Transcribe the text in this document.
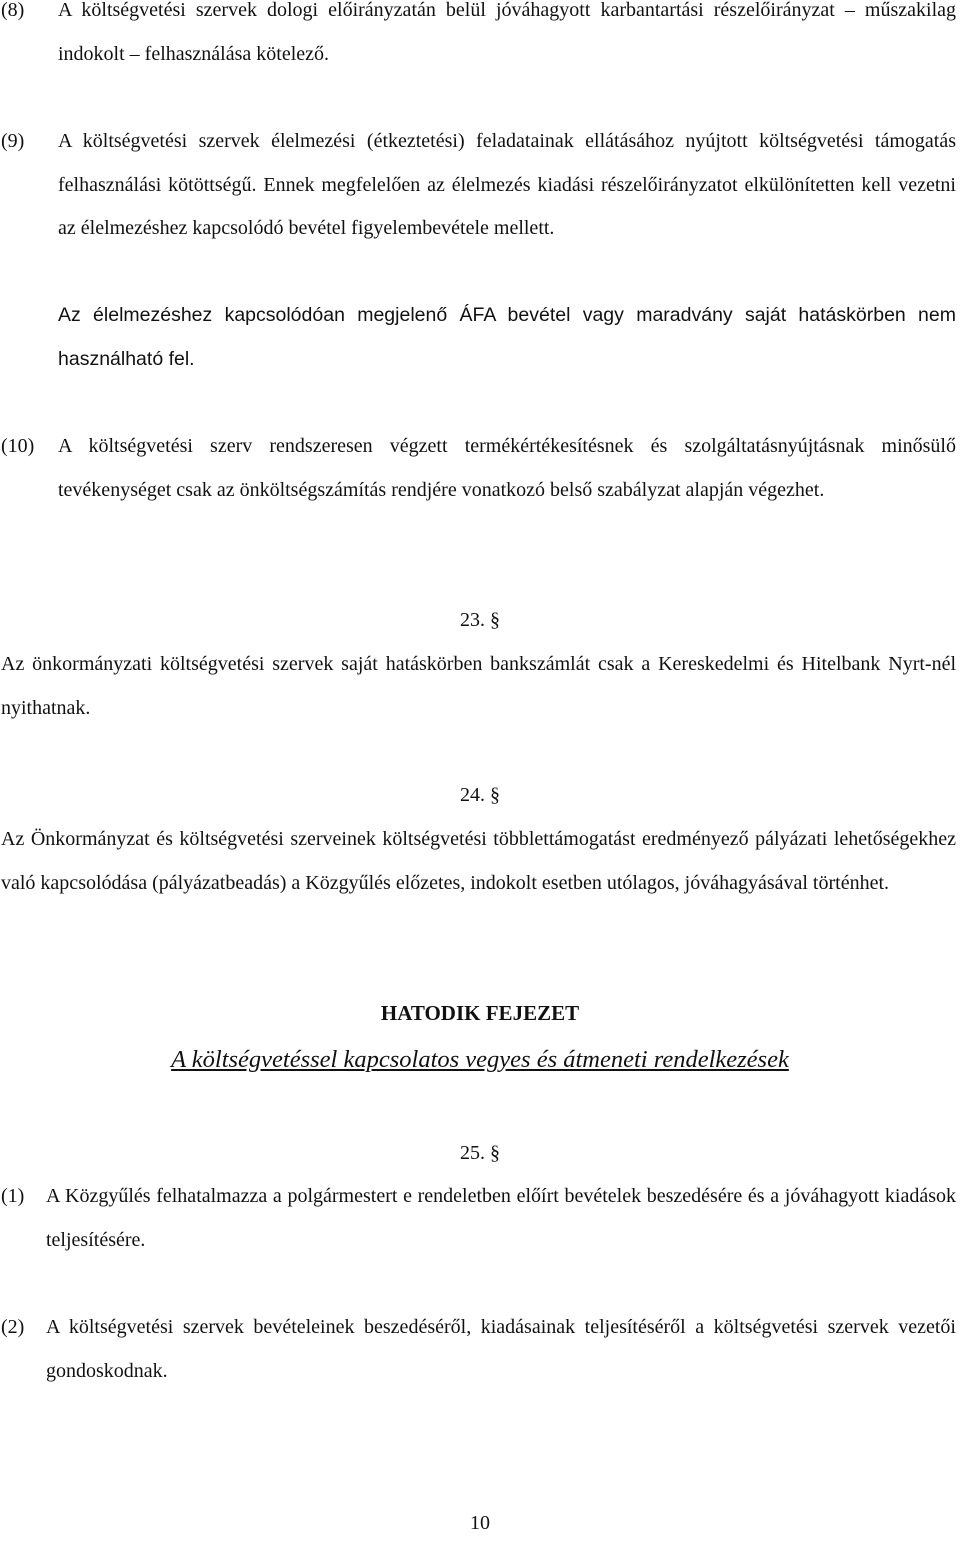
(8) A költségvetési szervek dologi előirányzatán belül jóváhagyott karbantartási részelőirányzat – műszakilag indokolt – felhasználása kötelező.

(9) A költségvetési szervek élelmezési (étkeztetési) feladatainak ellátásához nyújtott költségvetési támogatás felhasználási kötöttségű. Ennek megfelelően az élelmezés kiadási részelőirányzatot elkülönítetten kell vezetni az élelmezéshez kapcsolódó bevétel figyelembevétele mellett.

Az élelmezéshez kapcsolódóan megjelenő ÁFA bevétel vagy maradvány saját hatáskörben nem használható fel.

(10) A költségvetési szerv rendszeresen végzett termékértékesítésnek és szolgáltatásnyújtásnak minősülő tevékenységet csak az önköltségszámítás rendjére vonatkozó belső szabályzat alapján végezhet.

23. §

Az önkormányzati költségvetési szervek saját hatáskörben bankszámlát csak a Kereskedelmi és Hitelbank Nyrt-nél nyithatnak.

24. §

Az Önkormányzat és költségvetési szerveinek költségvetési többlettámogatást eredményező pályázati lehetőségekhez való kapcsolódása (pályázatbeadás) a Közgyűlés előzetes, indokolt esetben utólagos, jóváhagyásával történhet.

HATODIK FEJEZET
A költségvetéssel kapcsolatos vegyes és átmeneti rendelkezések
25. §
(1) A Közgyűlés felhatalmazza a polgármestert e rendeletben előírt bevételek beszedésére és a jóváhagyott kiadások teljesítésére.

(2) A költségvetési szervek bevételeinek beszedéséről, kiadásainak teljesítéséről a költségvetési szervek vezetői gondoskodnak.

10
